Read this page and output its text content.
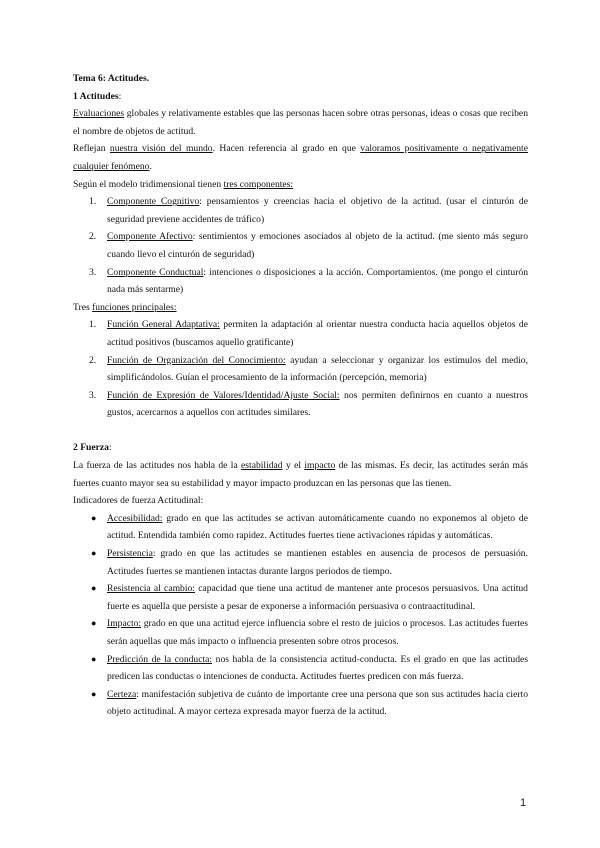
Tema 6: Actitudes.

1 Actitudes:

Evaluaciones globales y relativamente estables que las personas hacen sobre otras personas, ideas o cosas que reciben el nombre de objetos de actitud.

Reflejan nuestra visión del mundo. Hacen referencia al grado en que valoramos positivamente o negativamente cualquier fenómeno.

Según el modelo tridimensional tienen tres componentes:

1. Componente Cognitivo: pensamientos y creencias hacia el objetivo de la actitud. (usar el cinturón de seguridad previene accidentes de tráfico)
2. Componente Afectivo: sentimientos y emociones asociados al objeto de la actitud. (me siento más seguro cuando llevo el cinturón de seguridad)
3. Componente Conductual: intenciones o disposiciones a la acción. Comportamientos. (me pongo el cinturón nada más sentarme)

Tres funciones principales:

1. Función General Adaptativa: permiten la adaptación al orientar nuestra conducta hacia aquellos objetos de actitud positivos (buscamos aquello gratificante)
2. Función de Organización del Conocimiento: ayudan a seleccionar y organizar los estímulos del medio, simplificándolos. Guían el procesamiento de la información (percepción, memoria)
3. Función de Expresión de Valores/Identidad/Ajuste Social: nos permiten definirnos en cuanto a nuestros gustos, acercarnos a aquellos con actitudes similares.

2 Fuerza:

La fuerza de las actitudes nos habla de la estabilidad y el impacto de las mismas. Es decir, las actitudes serán más fuertes cuanto mayor sea su estabilidad y mayor impacto produzcan en las personas que las tienen.

Indicadores de fuerza Actitudinal:

● Accesibilidad: grado en que las actitudes se activan automáticamente cuando no exponemos al objeto de actitud. Entendida también como rapidez. Actitudes fuertes tiene activaciones rápidas y automáticas.
● Persistencia: grado en que las actitudes se mantienen estables en ausencia de procesos de persuasión. Actitudes fuertes se mantienen intactas durante largos periodos de tiempo.
● Resistencia al cambio: capacidad que tiene una actitud de mantener ante procesos persuasivos. Una actitud fuerte es aquella que persiste a pesar de exponerse a información persuasiva o contraactitudinal.
● Impacto: grado en que una actitud ejerce influencia sobre el resto de juicios o procesos. Las actitudes fuertes serán aquellas que más impacto o influencia presenten sobre otros procesos.
● Predicción de la conducta: nos habla de la consistencia actitud-conducta. Es el grado en que las actitudes predicen las conductas o intenciones de conducta. Actitudes fuertes predicen con más fuerza.
● Certeza: manifestación subjetiva de cuánto de importante cree una persona que son sus actitudes hacia cierto objeto actitudinal. A mayor certeza expresada mayor fuerza de la actitud.
1
